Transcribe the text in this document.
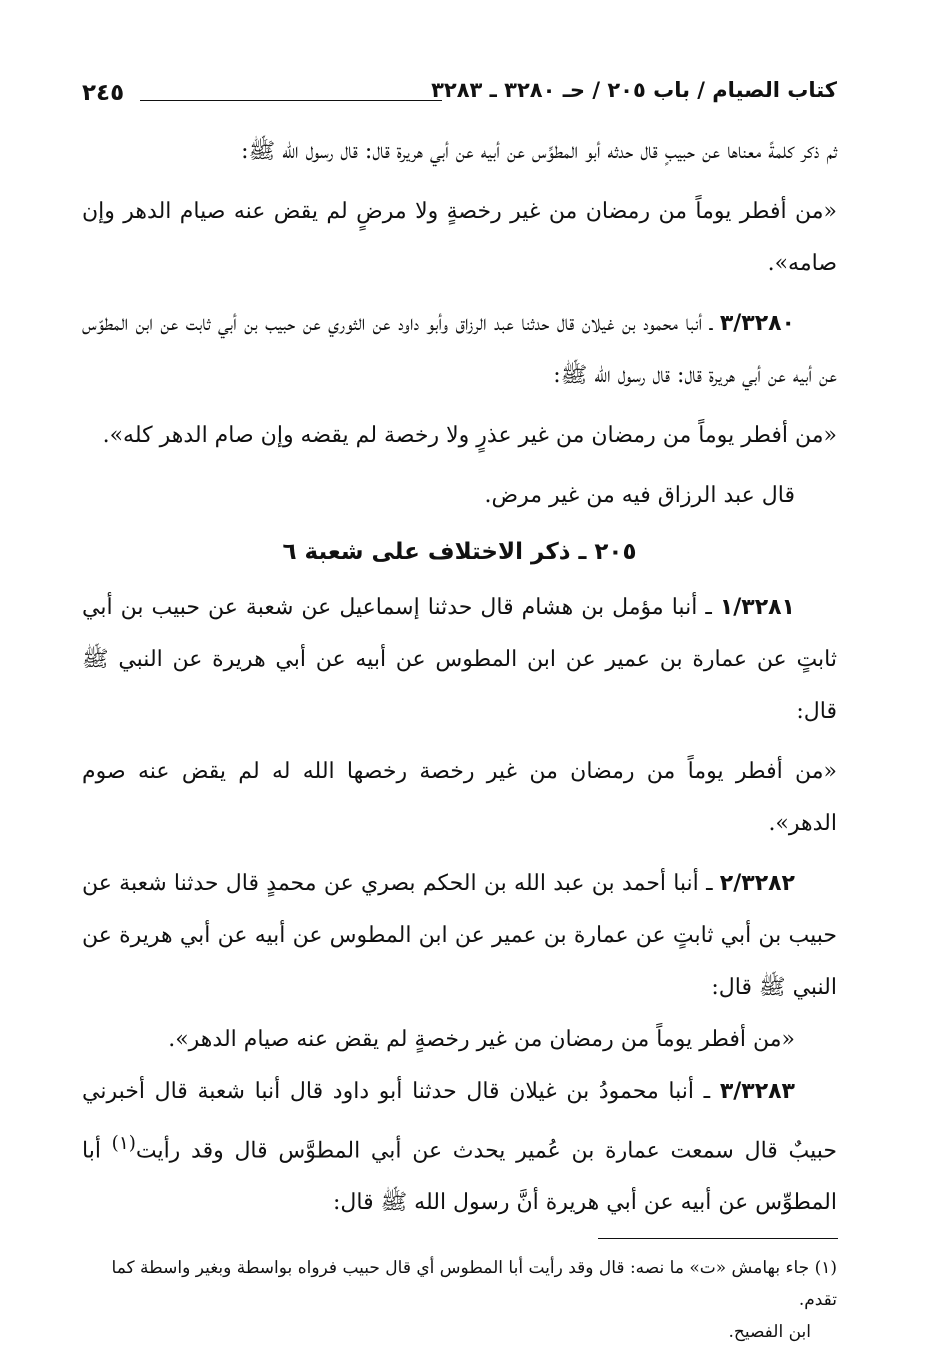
٢٤٥	كتاب الصيام / باب ٢٠٥ / حـ ٣٢٨٠ ـ ٣٢٨٣

ثم ذكر كلمةً معناها عن حبيبٍ قال حدثه أبو المطوِّس عن أبيه عن أبي هريرة قال: قال رسول الله ﷺ:

«من أفطر يوماً من رمضان من غير رخصةٍ ولا مرضٍ لم يقض عنه صيام الدهر وإن صامه».

٣/٣٢٨٠ ـ أنبا محمود بن غيلان قال حدثنا عبد الرزاق وأبو داود عن الثوري عن حبيب بن أبي ثابت عن ابن المطوّس عن أبيه عن أبي هريرة قال: قال رسول الله ﷺ:

«من أفطر يوماً من رمضان من غير عذرٍ ولا رخصة لم يقضه وإن صام الدهر كله».

قال عبد الرزاق فيه من غير مرض.

٢٠٥ ـ ذكر الاختلاف على شعبة ٦

١/٣٢٨١ ـ أنبا مؤمل بن هشام قال حدثنا إسماعيل عن شعبة عن حبيب بن أبي ثابتٍ عن عمارة بن عمير عن ابن المطوس عن أبيه عن أبي هريرة عن النبي ﷺ قال:

«من أفطر يوماً من رمضان من غير رخصة رخصها الله له لم يقض عنه صوم الدهر».

٢/٣٢٨٢ ـ أنبا أحمد بن عبد الله بن الحكم بصري عن محمدٍ قال حدثنا شعبة عن حبيب بن أبي ثابتٍ عن عمارة بن عمير عن ابن المطوس عن أبيه عن أبي هريرة عن النبي ﷺ قال:

«من أفطر يوماً من رمضان من غير رخصةٍ لم يقض عنه صيام الدهر».

٣/٣٢٨٣ ـ أنبا محمودُ بن غيلان قال حدثنا أبو داود قال أنبا شعبة قال أخبرني حبيبٌ قال سمعت عمارة بن عُمير يحدث عن أبي المطوَّس قال وقد رأيت$^{(١)}$ أبا المطوِّس عن أبيه عن أبي هريرة أنَّ رسول الله ﷺ قال:

(١) جاء بهامش «ت» ما نصه: قال وقد رأيت أبا المطوس أي قال حبيب فرواه بواسطة وبغير واسطة كما تقدم.

ابن الفصيح.
